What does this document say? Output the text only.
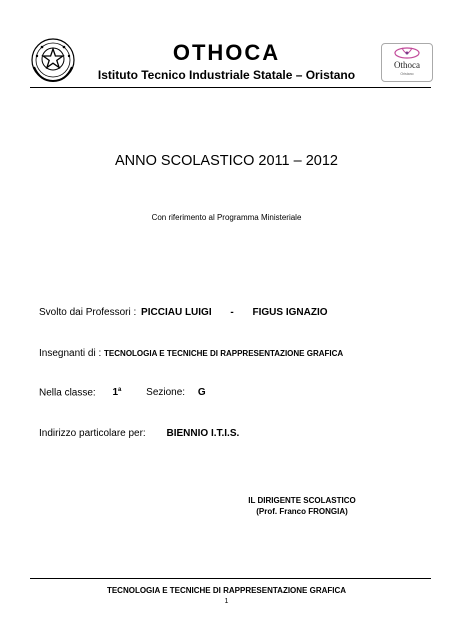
Othoca
Oristano
OTHOCA
Istituto Tecnico Industriale Statale – Oristano
ANNO SCOLASTICO 2011 – 2012
Con riferimento al Programma Ministeriale
Svolto dai Professori : PICCIAU LUIGI - FIGUS IGNAZIO
Insegnanti di : TECNOLOGIA E TECNICHE DI RAPPRESENTAZIONE GRAFICA
Nella classe: 1$^a$ Sezione: G
Indirizzo particolare per: BIENNIO I.T.I.S.
IL DIRIGENTE SCOLASTICO
(Prof. Franco FRONGIA)
TECNOLOGIA E TECNICHE DI RAPPRESENTAZIONE GRAFICA
1
